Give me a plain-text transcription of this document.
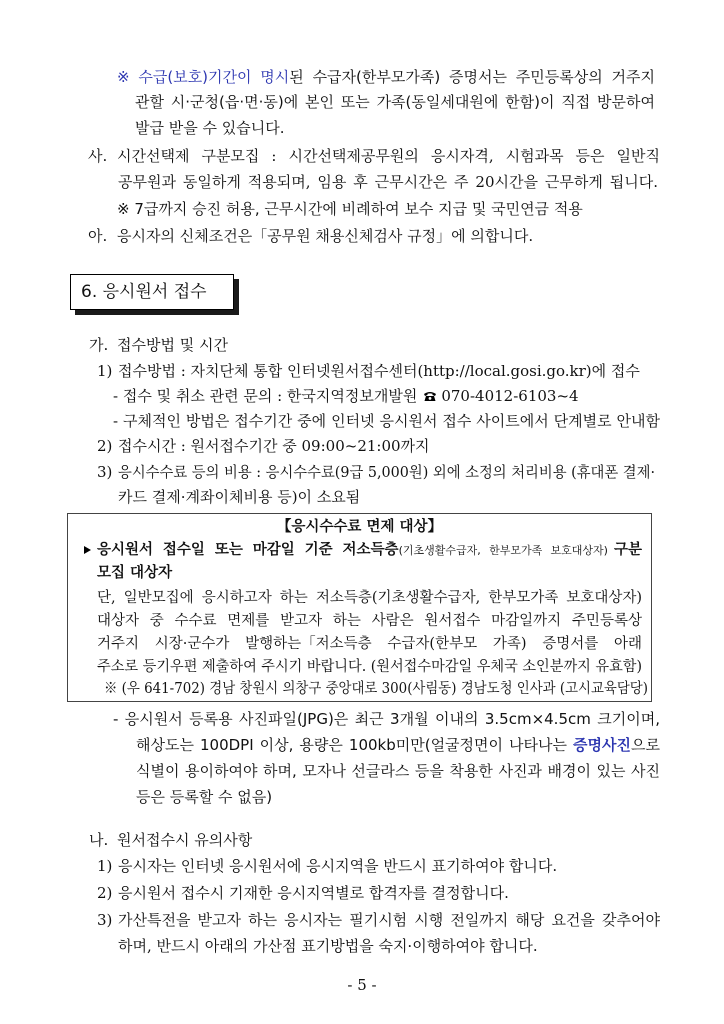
※ 수급(보호)기간이 명시된 수급자(한부모가족) 증명서는 주민등록상의 거주지
관할 시·군청(읍·면·동)에 본인 또는 가족(동일세대원에 한함)이 직접 방문하여
발급 받을 수 있습니다.
사. 시간선택제 구분모집 : 시간선택제공무원의 응시자격, 시험과목 등은 일반직
공무원과 동일하게 적용되며, 임용 후 근무시간은 주 20시간을 근무하게 됩니다.
※ 7급까지 승진 허용, 근무시간에 비례하여 보수 지급 및 국민연금 적용
아. 응시자의 신체조건은「공무원 채용신체검사 규정」에 의합니다.
6. 응시원서 접수
가. 접수방법 및 시간
1) 접수방법 : 자치단체 통합 인터넷원서접수센터(http://local.gosi.go.kr)에 접수
- 접수 및 취소 관련 문의 : 한국지역정보개발원 070-4012-6103~4
- 구체적인 방법은 접수기간 중에 인터넷 응시원서 접수 사이트에서 단계별로 안내함
2) 접수시간 : 원서접수기간 중 09:00~21:00까지
3) 응시수수료 등의 비용 : 응시수수료(9급 5,000원) 외에 소정의 처리비용 (휴대폰 결제·
카드 결제·계좌이체비용 등)이 소요됨
【응시수수료 면제 대상】
응시원서 접수일 또는 마감일 기준 저소득층(기초생활수급자, 한부모가족 보호대상자) 구분
모집 대상자
단, 일반모집에 응시하고자 하는 저소득층(기초생활수급자, 한부모가족 보호대상자)
대상자 중 수수료 면제를 받고자 하는 사람은 원서접수 마감일까지 주민등록상
거주지 시장·군수가 발행하는「저소득층 수급자(한부모 가족) 증명서를 아래
주소로 등기우편 제출하여 주시기 바랍니다. (원서접수마감일 우체국 소인분까지 유효함)
※ (우 641-702) 경남 창원시 의창구 중앙대로 300(사림동) 경남도청 인사과 (고시교육담당)
- 응시원서 등록용 사진파일(JPG)은 최근 3개월 이내의 3.5cm×4.5cm 크기이며,
해상도는 100DPI 이상, 용량은 100kb미만(얼굴정면이 나타나는 증명사진으로
식별이 용이하여야 하며, 모자나 선글라스 등을 착용한 사진과 배경이 있는 사진
등은 등록할 수 없음)
나. 원서접수시 유의사항
1) 응시자는 인터넷 응시원서에 응시지역을 반드시 표기하여야 합니다.
2) 응시원서 접수시 기재한 응시지역별로 합격자를 결정합니다.
3) 가산특전을 받고자 하는 응시자는 필기시험 시행 전일까지 해당 요건을 갖추어야
하며, 반드시 아래의 가산점 표기방법을 숙지·이행하여야 합니다.
- 5 -
